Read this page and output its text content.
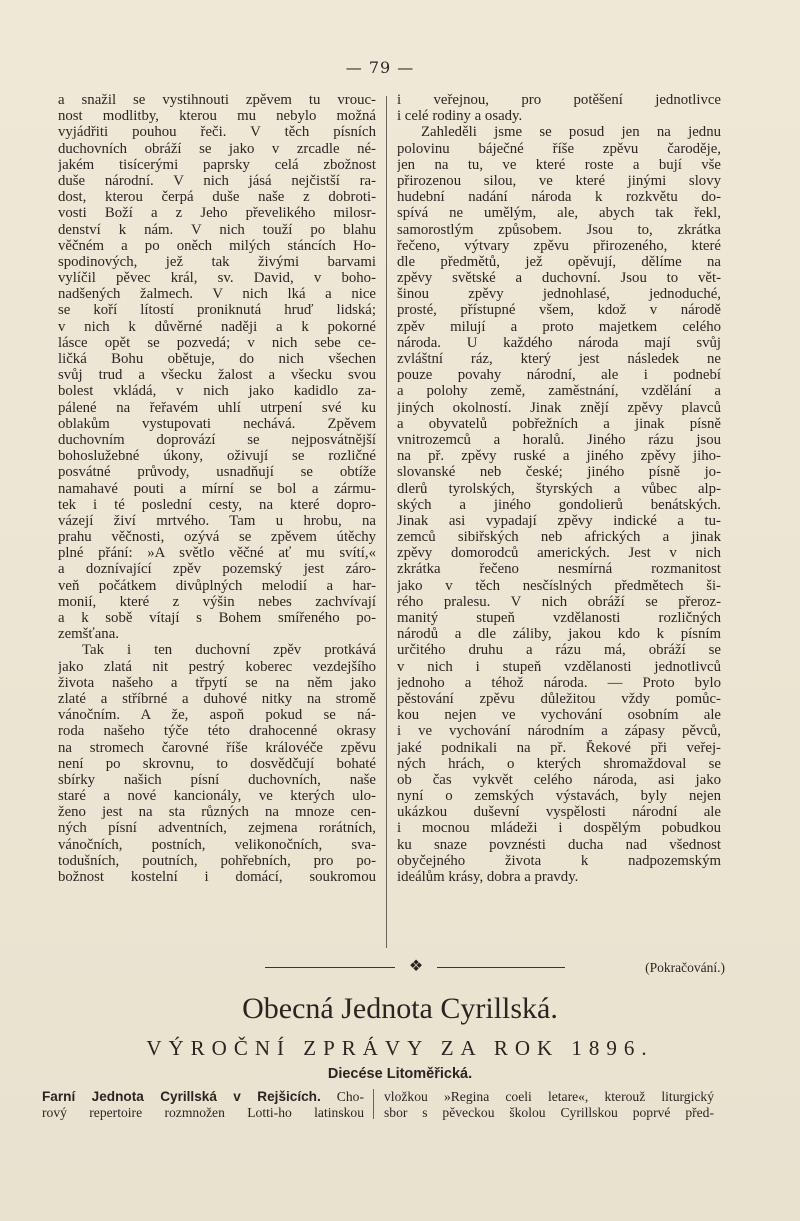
— 79 —
a snažil se vystihnouti zpěvem tu vrouc-
nost modlitby, kterou mu nebylo možná
vyjádřiti pouhou řeči. V těch písních
duchovních obráží se jako v zrcadle né-
jakém tisícerými paprsky celá zbožnost
duše národní. V nich jásá nejčistší ra-
dost, kterou čerpá duše naše z dobroti-
vosti Boží a z Jeho převelikého milosr-
denství k nám. V nich touží po blahu
věčném a po oněch milých stáncích Ho-
spodinových, jež tak živými barvami
vylíčil pěvec král, sv. David, v boho-
nadšených žalmech. V nich lká a nice
se koří lítostí proniknutá hruď lidská;
v nich k důvěrné naději a k pokorné
lásce opět se pozvedá; v nich sebe ce-
ličká Bohu obětuje, do nich všechen
svůj trud a všecku žalost a všecku svou
bolest vkládá, v nich jako kadidlo za-
pálené na řeřavém uhlí utrpení své ku
oblakům vystupovati nechává. Zpěvem
duchovním doprovází se nejposvátnější
bohoslužebné úkony, oživují se rozličné
posvátné průvody, usnadňují se obtíže
namahavé pouti a mírní se bol a zármu-
tek i té poslední cesty, na které dopro-
vázejí živí mrtvého. Tam u hrobu, na
prahu věčnosti, ozývá se zpěvem útěchy
plné přání: »A světlo věčné ať mu svítí,«
a doznívající zpěv pozemský jest záro-
veň počátkem divůplných melodií a har-
monií, které z výšin nebes zachvívají
a k sobě vítají s Bohem smířeného po-
zemšťana.
Tak i ten duchovní zpěv protkává
jako zlatá nit pestrý koberec vezdejšího
života našeho a třpytí se na něm jako
zlaté a stříbrné a duhové nitky na stromě
vánočním. A že, aspoň pokud se ná-
roda našeho týče této drahocenné okrasy
na stromech čarovné říše královéče zpěvu
není po skrovnu, to dosvědčují bohaté
sbírky našich písní duchovních, naše
staré a nové kancionály, ve kterých ulo-
ženo jest na sta různých na mnoze cen-
ných písní adventních, zejmena rorátních,
vánočních, postních, velikonočních, sva-
todušních, poutních, pohřebních, pro po-
božnost kostelní i domácí, soukromou
i veřejnou, pro potěšení jednotlivce
i celé rodiny a osady.
Zahleděli jsme se posud jen na jednu
polovinu báječné říše zpěvu čaroděje,
jen na tu, ve které roste a bují vše
přirozenou silou, ve které jinými slovy
hudební nadání národa k rozkvětu do-
spívá ne umělým, ale, abych tak řekl,
samorostlým způsobem. Jsou to, zkrátka
řečeno, výtvary zpěvu přirozeného, které
dle předmětů, jež opěvují, dělíme na
zpěvy světské a duchovní. Jsou to vět-
šinou zpěvy jednohlasé, jednoduché,
prosté, přístupné všem, kdož v národě
zpěv milují a proto majetkem celého
národa. U každého národa mají svůj
zvláštní ráz, který jest následek ne
pouze povahy národní, ale i podnebí
a polohy země, zaměstnání, vzdělání a
jiných okolností. Jinak znějí zpěvy plavců
a obyvatelů pobřežních a jinak písně
vnitrozemců a horalů. Jiného rázu jsou
na př. zpěvy ruské a jiného zpěvy jiho-
slovanské neb české; jiného písně jo-
dlerů tyrolských, štyrských a vůbec alp-
ských a jiného gondolierů benátských.
Jinak asi vypadají zpěvy indické a tu-
zemců sibiřských neb afrických a jinak
zpěvy domorodců amerických. Jest v nich
zkrátka řečeno nesmírná rozmanitost
jako v těch nesčíslných předmětech ši-
rého pralesu. V nich obráží se přeroz-
manitý stupeň vzdělanosti rozličných
národů a dle záliby, jakou kdo k písním
určitého druhu a rázu má, obráží se
v nich i stupeň vzdělanosti jednotlivců
jednoho a téhož národa. — Proto bylo
pěstování zpěvu důležitou vždy pomůc-
kou nejen ve vychování osobním ale
i ve vychování národním a zápasy pěvců,
jaké podnikali na př. Řekové při veřej-
ných hrách, o kterých shromaždoval se
ob čas vykvět celého národa, asi jako
nyní o zemských výstavách, byly nejen
ukázkou duševní vyspělosti národní ale
i mocnou mládeži i dospělým pobudkou
ku snaze povznésti ducha nad všednost
obyčejného života k nadpozemským
ideálům krásy, dobra a pravdy.
❖	(Pokračování.)
Obecná Jednota Cyrillská.
VÝROČNÍ ZPRÁVY ZA ROK 1896.
Diecése Litoměřická.
Farní Jednota Cyrillská v Rejšicích. Cho-
rový repertoire rozmnožen Lotti-ho latinskou
vložkou »Regina coeli letare«, kterouž liturgický
sbor s pěveckou školou Cyrillskou poprvé před-
